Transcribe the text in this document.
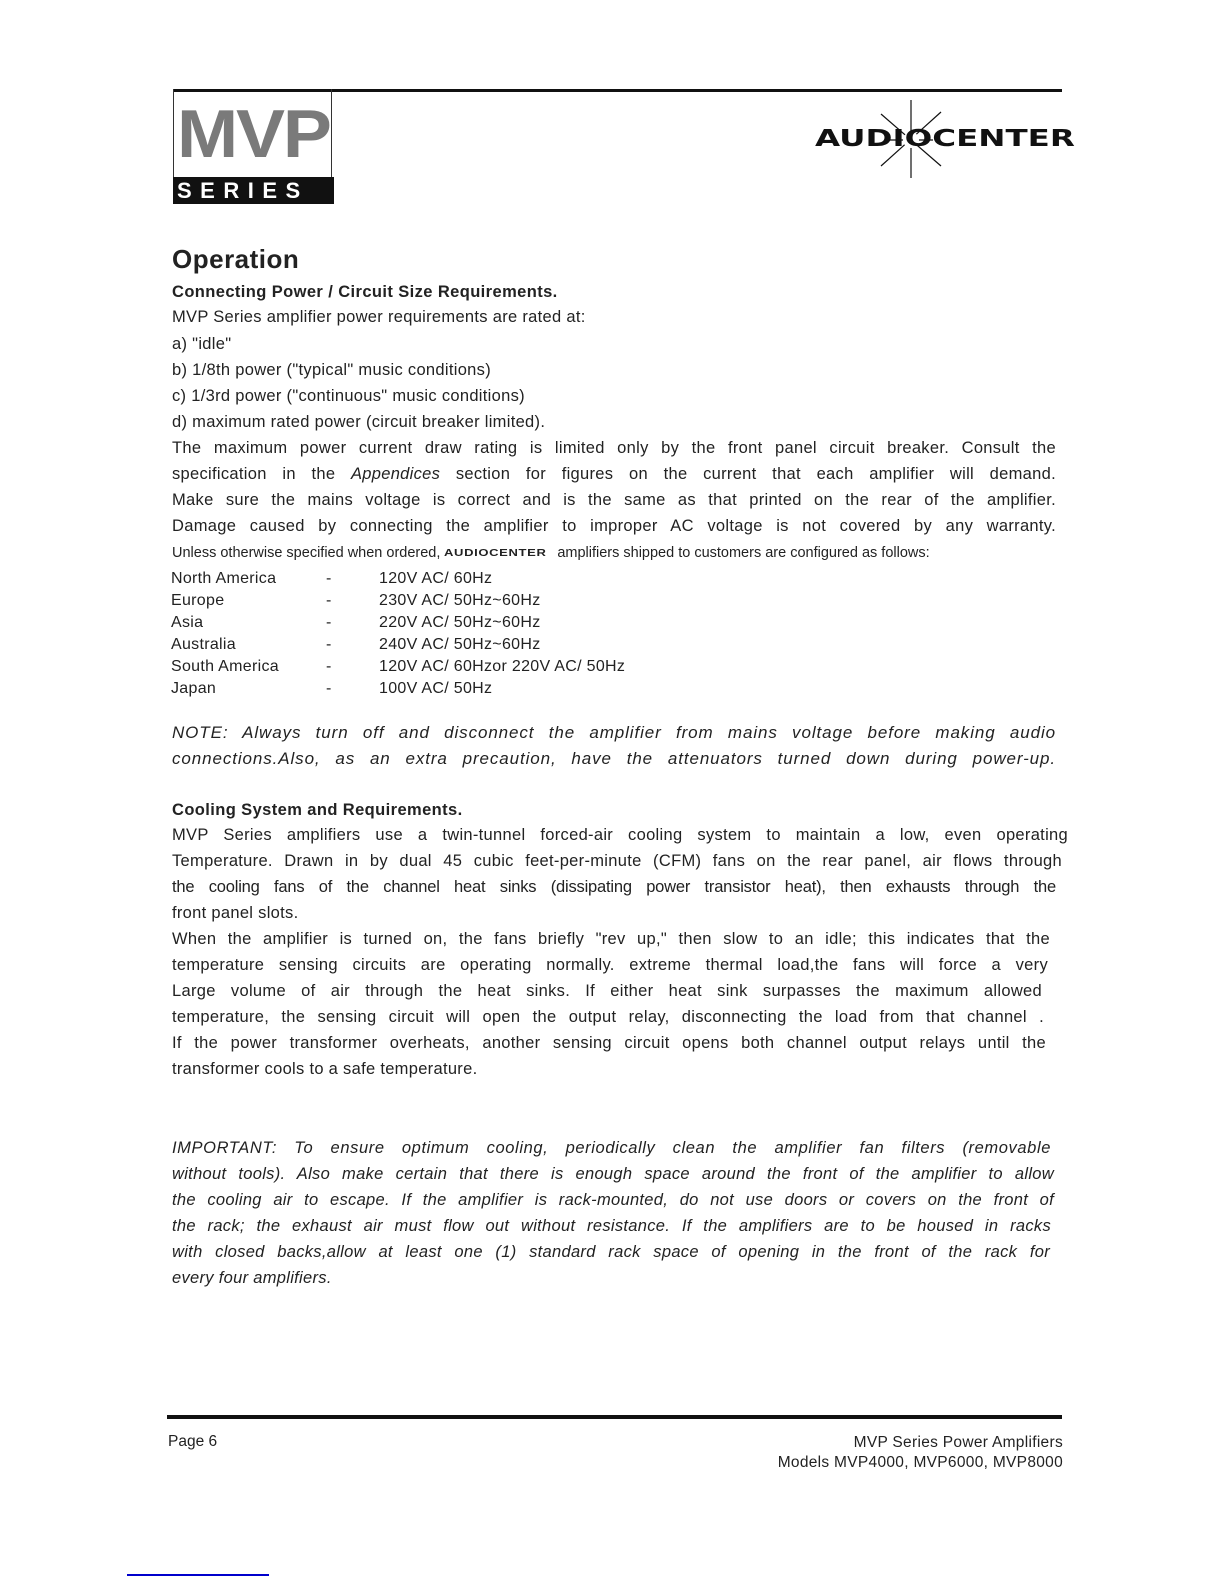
MVP
SERIES
AUDIOCENTER
Operation
Connecting Power / Circuit Size Requirements.
MVP Series amplifier power requirements are rated at:
a) "idle"
b) 1/8th power ("typical" music conditions)
c) 1/3rd power ("continuous" music conditions)
d) maximum rated power (circuit breaker limited).
The maximum power current draw rating is limited only by the front panel circuit breaker. Consult the
specification in the Appendices section for figures on the current that each amplifier will demand.
Make sure the mains voltage is correct and is the same as that printed on the rear of the amplifier.
Damage caused by connecting the amplifier to improper AC voltage is not covered by any warranty.
Unless otherwise specified when ordered, AUDIOCENTER amplifiers shipped to customers are configured as follows:
North America	-	120V AC/ 60Hz
Europe	-	230V AC/ 50Hz~60Hz
Asia	-	220V AC/ 50Hz~60Hz
Australia	-	240V AC/ 50Hz~60Hz
South America	-	120V AC/ 60Hzor 220V AC/ 50Hz
Japan	-	100V AC/ 50Hz
NOTE: Always turn off and disconnect the amplifier from mains voltage before making audio
connections.Also, as an extra precaution, have the attenuators turned down during power-up.
Cooling System and Requirements.
MVP Series amplifiers use a twin-tunnel forced-air cooling system to maintain a low, even operating
Temperature. Drawn in by dual 45 cubic feet-per-minute (CFM) fans on the rear panel, air flows through
the cooling fans of the channel heat sinks (dissipating power transistor heat), then exhausts through the
front panel slots.
When the amplifier is turned on, the fans briefly "rev up," then slow to an idle; this indicates that the
temperature sensing circuits are operating normally. extreme thermal load,the fans will force a very
Large volume of air through the heat sinks. If either heat sink surpasses the maximum allowed
temperature, the sensing circuit will open the output relay, disconnecting the load from that channel .
If the power transformer overheats, another sensing circuit opens both channel output relays until the
transformer cools to a safe temperature.
IMPORTANT: To ensure optimum cooling, periodically clean the amplifier fan filters (removable
without tools). Also make certain that there is enough space around the front of the amplifier to allow
the cooling air to escape. If the amplifier is rack-mounted, do not use doors or covers on the front of
the rack; the exhaust air must flow out without resistance. If the amplifiers are to be housed in racks
with closed backs,allow at least one (1) standard rack space of opening in the front of the rack for
every four amplifiers.
Page 6	MVP Series Power Amplifiers
Models MVP4000, MVP6000, MVP8000
